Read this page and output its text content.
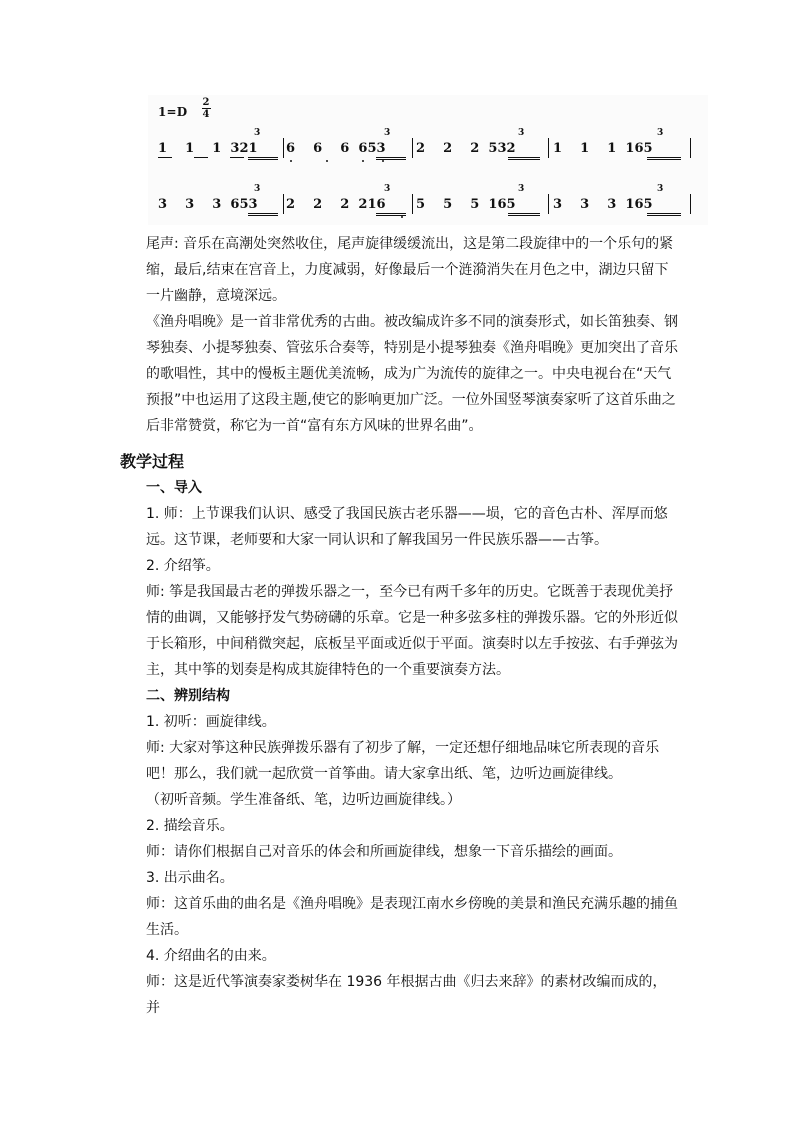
1=D
2
4
3
1    1    1  321
3
6    6    6  653
3
2    2    2  532
3
1    1    1  165
3
3    3    3  653
3
2    2    2  216
3
5    5    5  165
3
3    3    3  165

尾声: 音乐在高潮处突然收住，尾声旋律缓缓流出，这是第二段旋律中的一个乐句的紧缩，最后,结束在宫音上，力度减弱，好像最后一个涟漪消失在月色之中，湖边只留下一片幽静，意境深远。

《渔舟唱晚》是一首非常优秀的古曲。被改编成许多不同的演奏形式，如长笛独奏、钢琴独奏、小提琴独奏、管弦乐合奏等，特别是小提琴独奏《渔舟唱晚》更加突出了音乐的歌唱性，其中的慢板主题优美流畅，成为广为流传的旋律之一。中央电视台在“天气预报”中也运用了这段主题,使它的影响更加广泛。一位外国竖琴演奏家听了这首乐曲之后非常赞赏，称它为一首“富有东方风味的世界名曲”。

教学过程

一、导入

1. 师：上节课我们认识、感受了我国民族古老乐器——埙，它的音色古朴、浑厚而悠远。这节课，老师要和大家一同认识和了解我国另一件民族乐器——古筝。

2. 介绍筝。

师: 筝是我国最古老的弹拨乐器之一，至今已有两千多年的历史。它既善于表现优美抒情的曲调，又能够抒发气势磅礴的乐章。它是一种多弦多柱的弹拨乐器。它的外形近似于长箱形，中间稍微突起，底板呈平面或近似于平面。演奏时以左手按弦、右手弹弦为主，其中筝的划奏是构成其旋律特色的一个重要演奏方法。

二、辨别结构

1. 初听：画旋律线。

师: 大家对筝这种民族弹拨乐器有了初步了解，一定还想仔细地品味它所表现的音乐吧！那么，我们就一起欣赏一首筝曲。请大家拿出纸、笔，边听边画旋律线。

（初听音频。学生准备纸、笔，边听边画旋律线。）

2. 描绘音乐。

师：请你们根据自己对音乐的体会和所画旋律线，想象一下音乐描绘的画面。

3. 出示曲名。

师：这首乐曲的曲名是《渔舟唱晚》是表现江南水乡傍晚的美景和渔民充满乐趣的捕鱼生活。

4. 介绍曲名的由来。

师：这是近代筝演奏家娄树华在 1936 年根据古曲《归去来辞》的素材改编而成的，并
